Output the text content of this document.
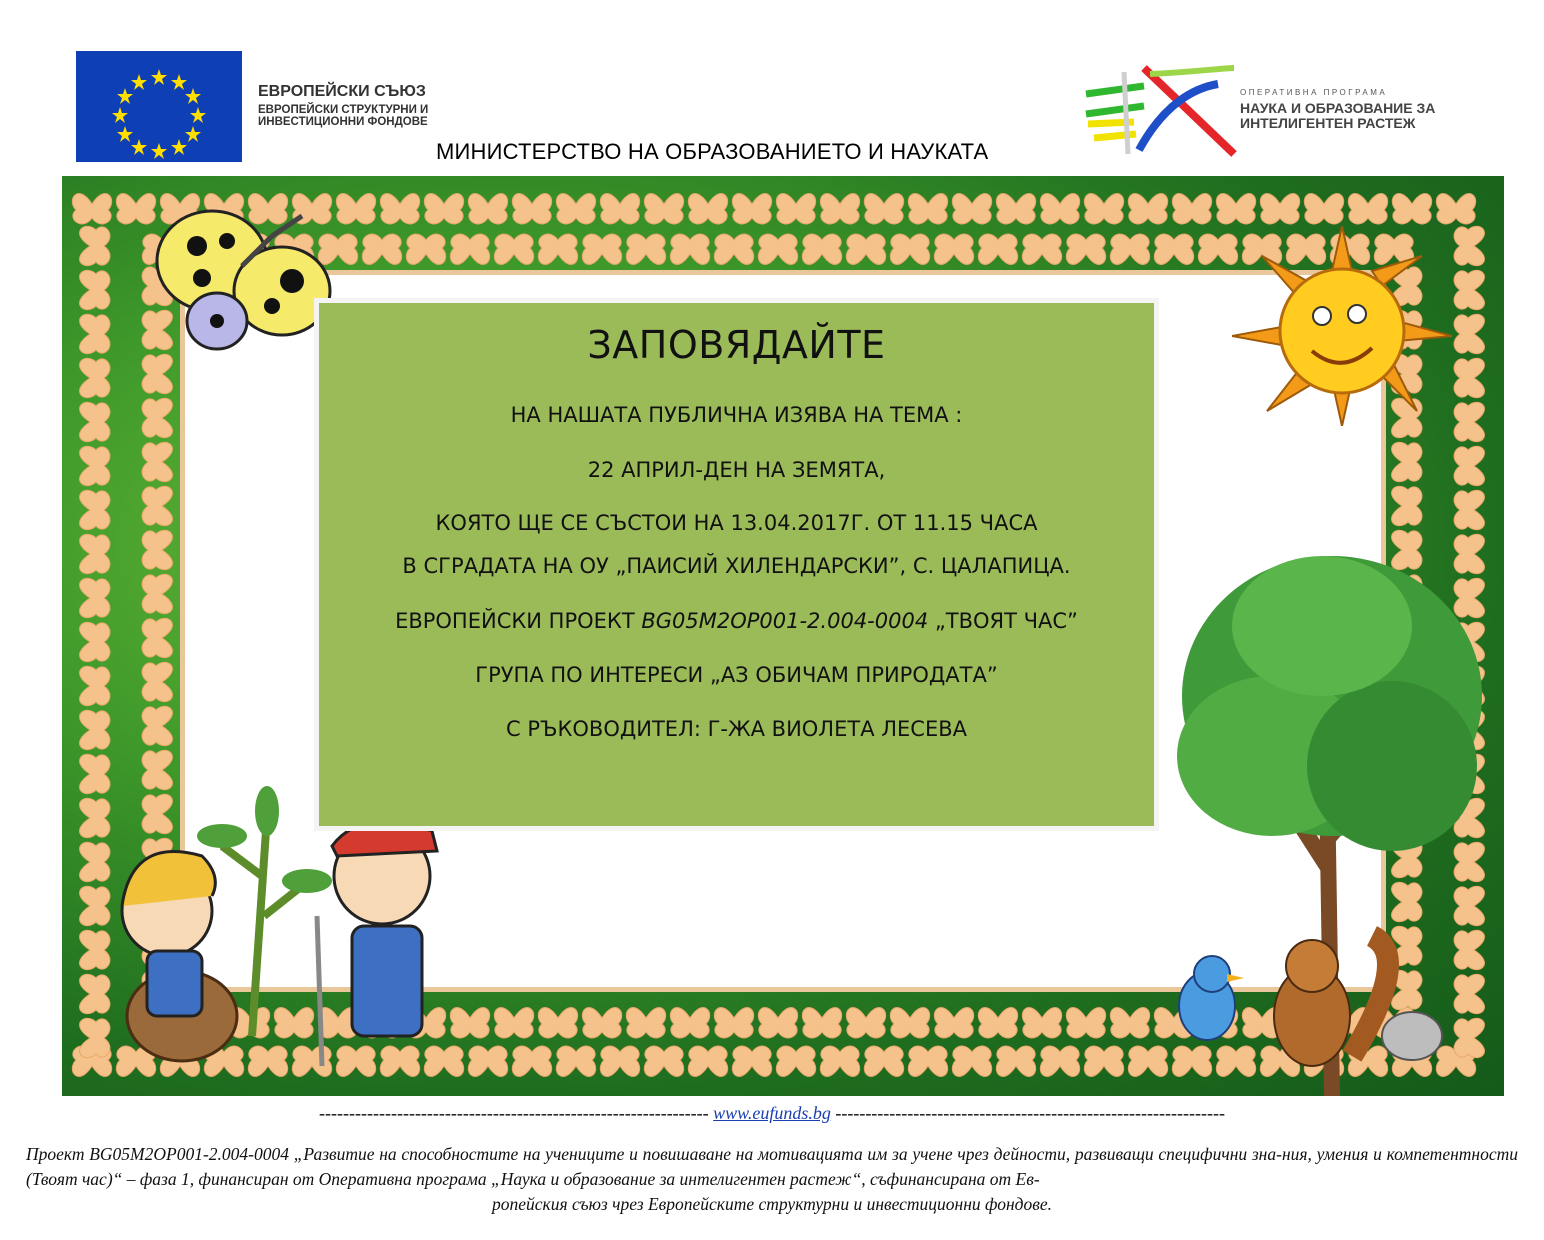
ЕВРОПЕЙСКИ СЪЮЗ
ЕВРОПЕЙСКИ СТРУКТУРНИ И
ИНВЕСТИЦИОННИ ФОНДОВЕ
МИНИСТЕРСТВО НА ОБРАЗОВАНИЕТО И НАУКАТА
ОПЕРАТИВНА ПРОГРАМА
НАУКА И ОБРАЗОВАНИЕ ЗА
ИНТЕЛИГЕНТЕН РАСТЕЖ
ЗАПОВЯДАЙТЕ
НА НАШАТА ПУБЛИЧНА ИЗЯВА НА ТЕМА :
22 АПРИЛ-ДЕН НА ЗЕМЯТА,
КОЯТО ЩЕ СЕ СЪСТОИ НА 13.04.2017Г. ОТ 11.15 ЧАСА
В СГРАДАТА НА ОУ „ПАИСИЙ ХИЛЕНДАРСКИ”, С. ЦАЛАПИЦА.
ЕВРОПЕЙСКИ ПРОЕКТ BG05M2OP001-2.004-0004 „ТВОЯТ ЧАС”
ГРУПА ПО ИНТЕРЕСИ „АЗ ОБИЧАМ ПРИРОДАТА”
С РЪКОВОДИТЕЛ: Г-ЖА ВИОЛЕТА ЛЕСЕВА
----------------------------------------------------------------- www.eufunds.bg -----------------------------------------------------------------
Проект BG05M2OP001-2.004-0004 „Развитие на способностите на учениците и повишаване на мотивацията им за учене чрез дейности, развиващи специфични зна-ния, умения и компетентности (Твоят час)“ – фаза 1, финансиран от Оперативна програма „Наука и образование за интелигентен растеж“, съфинансирана от Ев-
ропейския съюз чрез Европейските структурни и инвестиционни фондове.
